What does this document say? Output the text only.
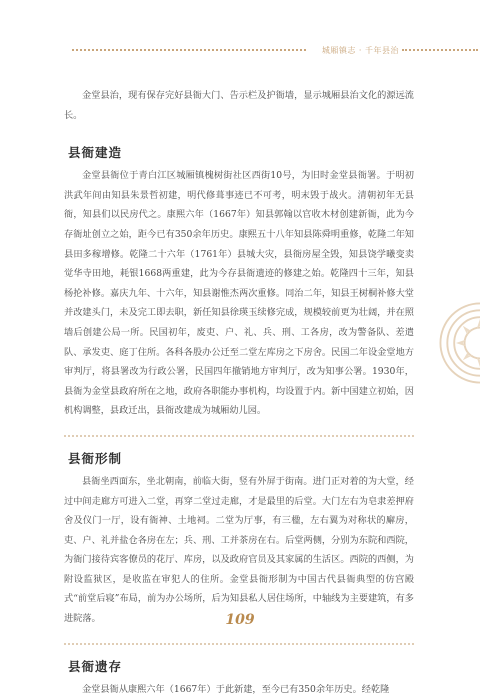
城厢镇志 · 千年县治

金堂县治，现有保存完好县衙大门、告示栏及护衙墙，显示城厢县治文化的源远流长。

县衙建造

金堂县衙位于青白江区城厢镇槐树街社区西街10号，为旧时金堂县衙署。于明初洪武年间由知县朱景哲初建，明代修葺事迹已不可考，明末毁于战火。清朝初年无县衙，知县们以民房代之。康熙六年（1667年）知县郭翰以官收木材创建新衙，此为今存衙址创立之始，距今已有350余年历史。康熙五十八年知县陈舜明重修，乾隆二年知县田多稼增修。乾隆二十六年（1761年）县城大灾，县衙房屋全毁，知县饶学曦变卖觉华寺田地，耗银1668两重建，此为今存县衙遗迹的修建之始。乾隆四十三年，知县杨抡补修。嘉庆九年、十六年，知县谢惟杰两次重修。同治二年，知县王树桐补修大堂并改建头门，未及完工即去职，新任知县徐瑛玉续修完成，规模较前更为壮阔，并在照墙后创建公局一所。民国初年，废吏、户、礼、兵、刑、工各房，改为警备队、差遣队、承发吏、庭丁住所。各科各股办公迁至二堂左库房之下房舍。民国二年设金堂地方审判厅，将县署改为行政公署，民国四年撤销地方审判厅，改为知事公署。1930年，县衙为金堂县政府所在之地，政府各职能办事机构，均设置于内。新中国建立初始，因机构调整，县政迁出，县衙改建成为城厢幼儿园。

县衙形制

县衙坐西面东，坐北朝南，前临大街，竖有外屏于街南。进门正对着的为大堂，经过中间走廊方可进入二堂，再穿二堂过走廊，才是最里的后堂。大门左右为皂隶差押府舍及仪门一厅，设有衙神、土地祠。二堂为厅事，有三楹，左右翼为对称状的廨房，吏、户、礼并盐仓各房在左；兵、刑、工并茶房在右。后堂两侧，分别为东院和西院，为衙门接待宾客僚员的花厅、库房，以及政府官员及其家属的生活区。西院的西侧，为附设监狱区，是收监在审犯人的住所。金堂县衙形制为中国古代县衙典型的仿宫殿式“前堂后寝”布局，前为办公场所，后为知县私人居住场所，中轴线为主要建筑，有多进院落。

县衙遗存

金堂县衙从康熙六年（1667年）于此新建，至今已有350余年历史。经乾隆

109
